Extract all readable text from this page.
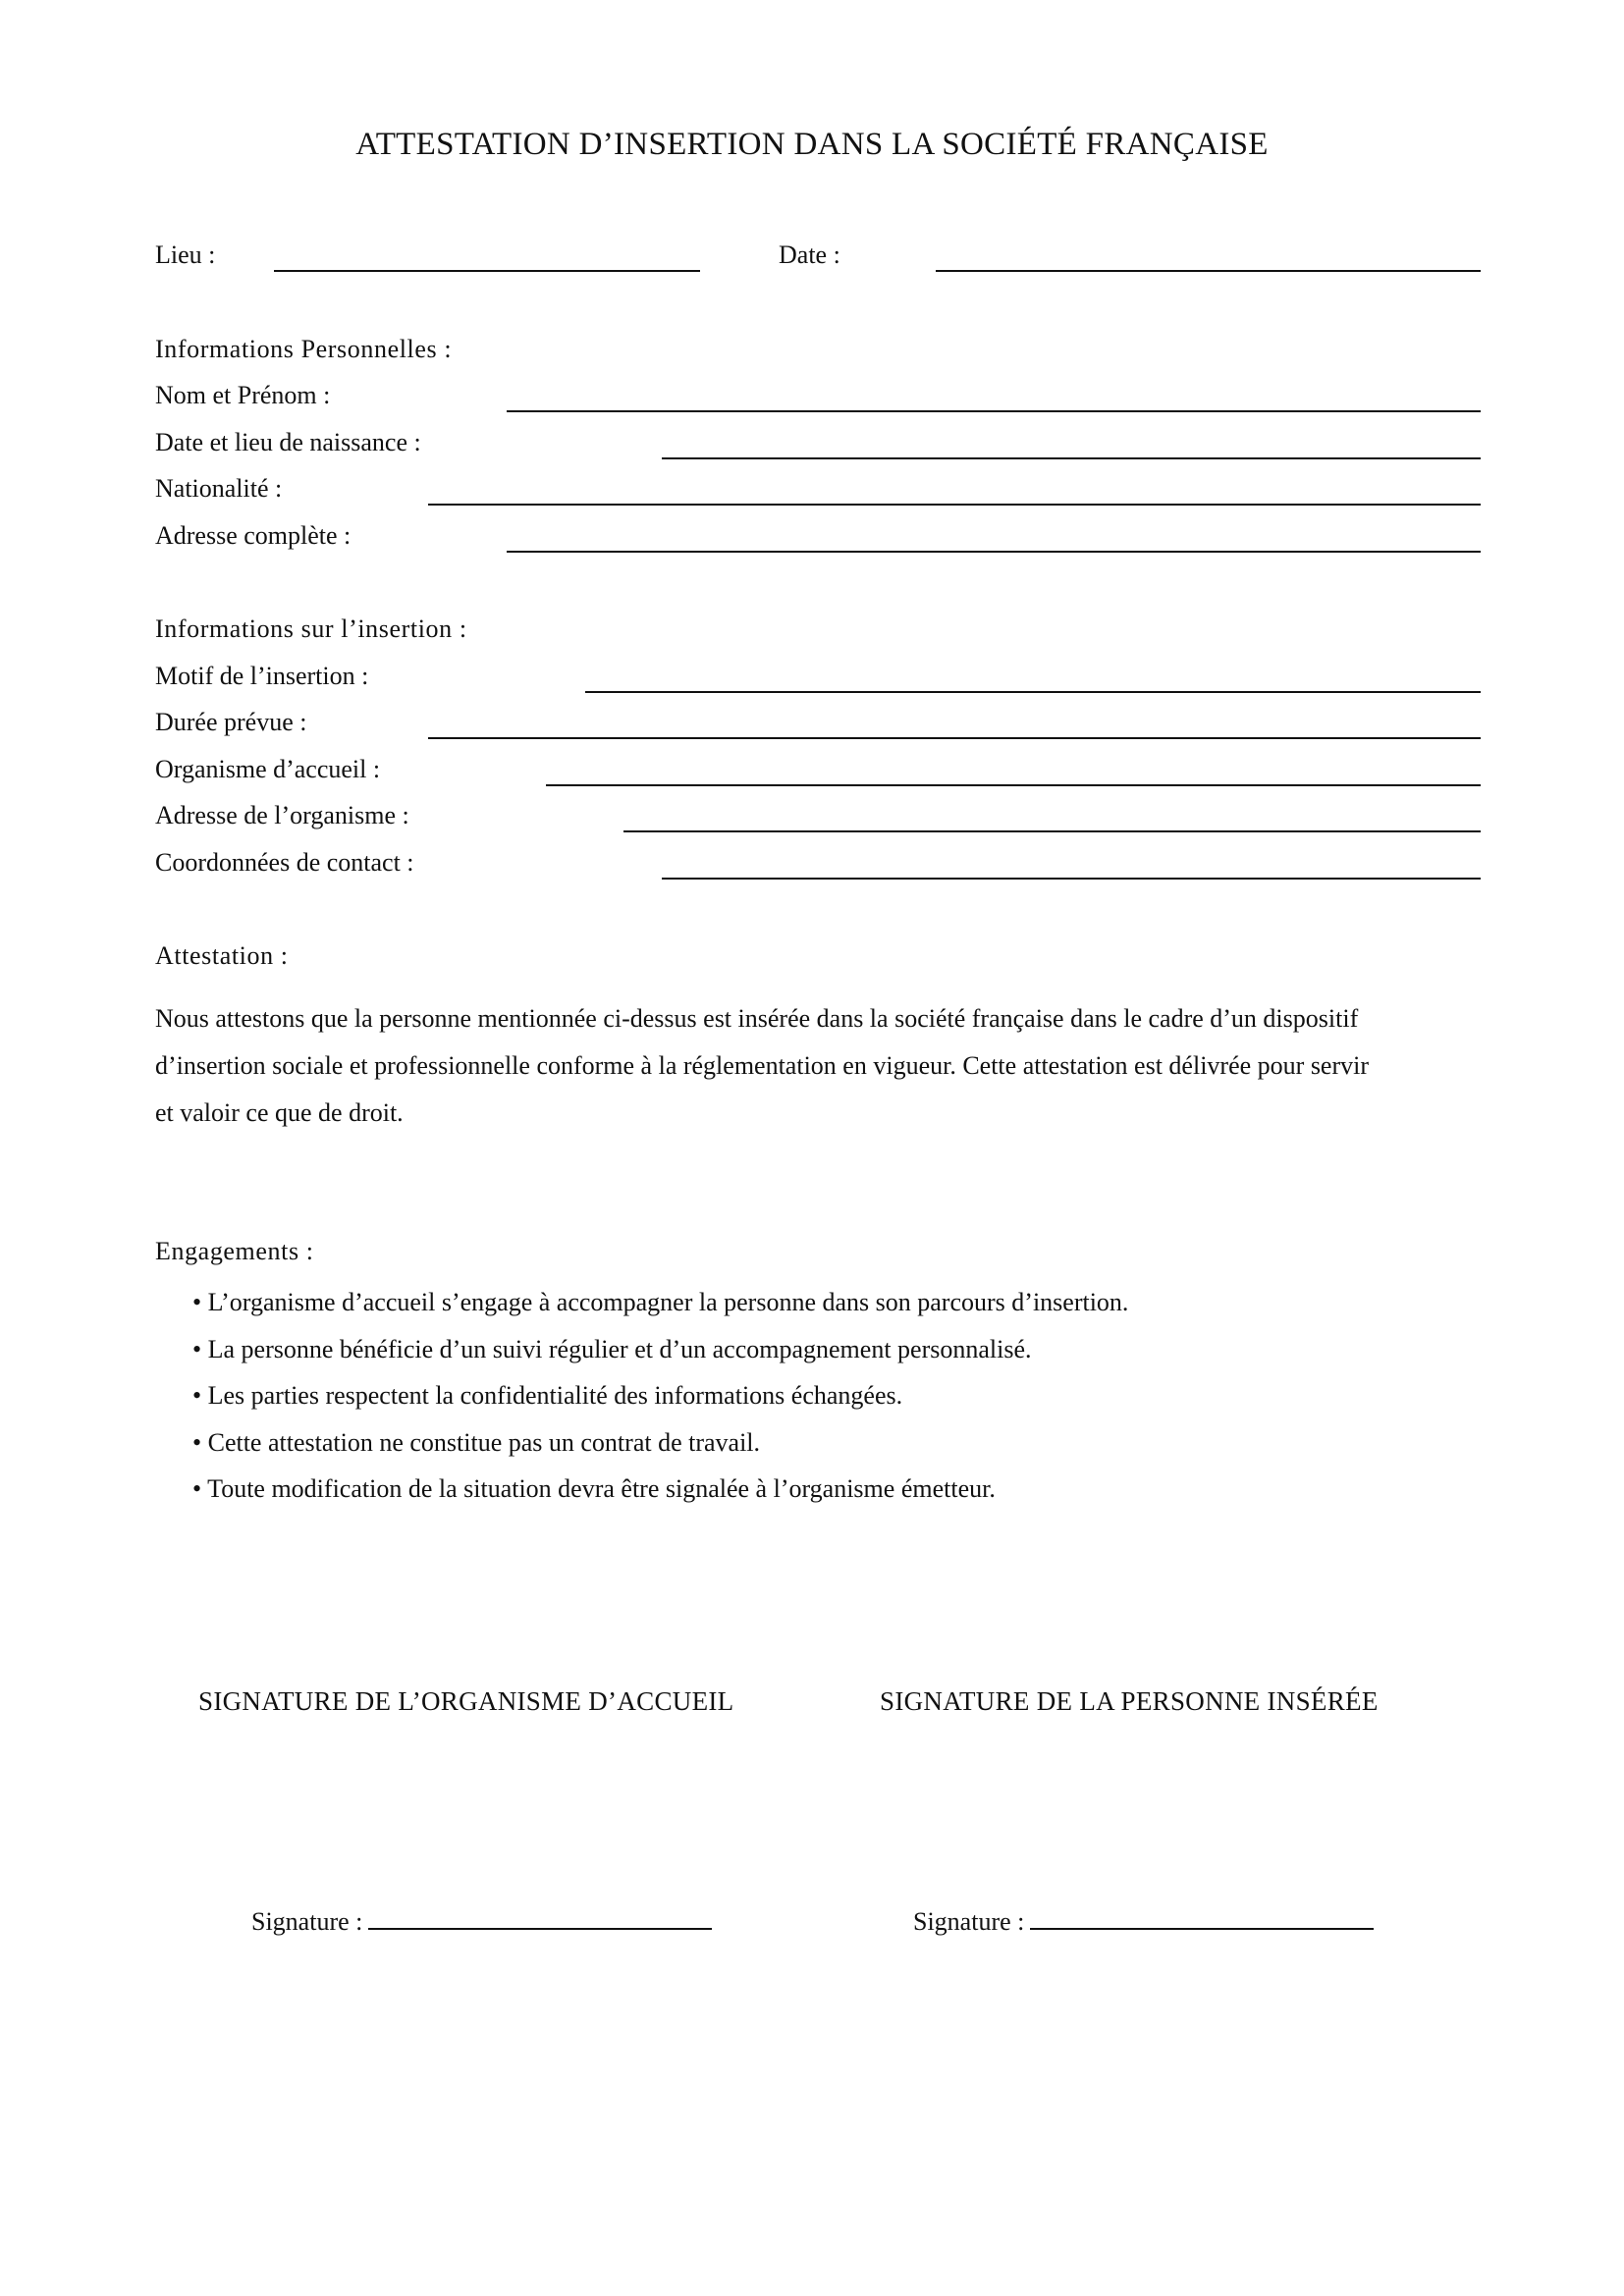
ATTESTATION D’INSERTION DANS LA SOCIÉTÉ FRANÇAISE
Lieu :	Date :
Informations Personnelles :
Nom et Prénom :
Date et lieu de naissance :
Nationalité :
Adresse complète :
Informations sur l’insertion :
Motif de l’insertion :
Durée prévue :
Organisme d’accueil :
Adresse de l’organisme :
Coordonnées de contact :
Attestation :

Nous attestons que la personne mentionnée ci-dessus est insérée dans la société française dans le cadre d’un dispositif

d’insertion sociale et professionnelle conforme à la réglementation en vigueur. Cette attestation est délivrée pour servir

et valoir ce que de droit.

Engagements :
• L’organisme d’accueil s’engage à accompagner la personne dans son parcours d’insertion.
• La personne bénéficie d’un suivi régulier et d’un accompagnement personnalisé.
• Les parties respectent la confidentialité des informations échangées.
• Cette attestation ne constitue pas un contrat de travail.
• Toute modification de la situation devra être signalée à l’organisme émetteur.
SIGNATURE DE L’ORGANISME D’ACCUEIL	SIGNATURE DE LA PERSONNE INSÉRÉE
Signature :	Signature :
